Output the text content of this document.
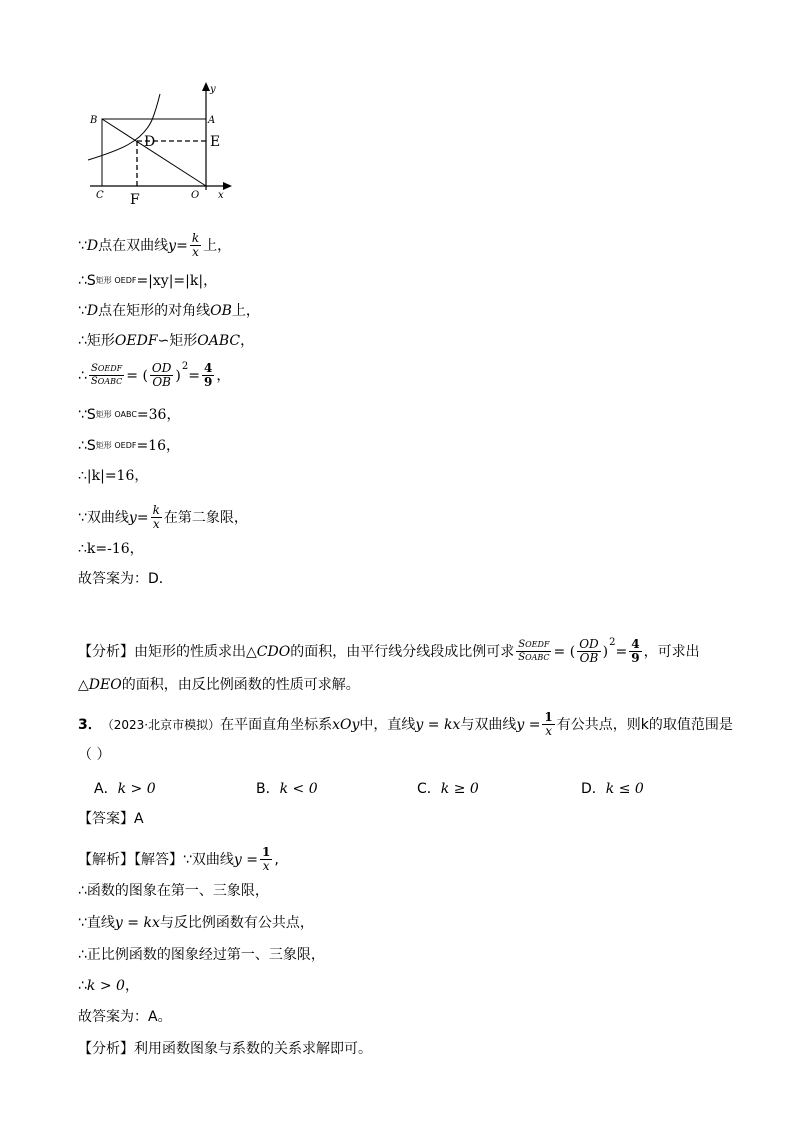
B	A
C	O
y
x
D	E
F
∵ D 点在双曲线 $y = \frac{k}{x}$ 上，
∴S 矩形 OEDF =|xy|=|k|，
∵ D 点在矩形的对角线 OB 上，
∴矩形 OEDF ∽矩形 OABC ，
∴ $\frac{\text{SOEDF}}{\text{SOABC}}$ = ( $\frac{OD}{OB}$ )
2
= $\frac{4}{9}$ ，
∵S 矩形 OABC =36，
∴S 矩形 OEDF =16，
∴|k|=16，
∵双曲线 $y = \frac{k}{x}$ 在第二象限，
∴k=-16，
故答案为：D．
【分析】由矩形的性质求出△ CDO 的面积，由平行线分线段成比例可求 $\frac{\text{SOEDF}}{\text{SOABC}}$ = ( $\frac{OD}{OB}$ )
2
= $\frac{4}{9}$ ，可求出
△ DEO 的面积，由反比例函数的性质可求解。
3． （2023·北京市模拟） 在平面直角坐标系 xOy 中，直线 y = kx 与双曲线 $y = \frac{1}{x}$ 有公共点，则k的取值范围是
（ ）
A．k > 0	B．k < 0	C．k ≥ 0	D．k ≤ 0
【答案】A
【解析】【解答】∵双曲线 $y = \frac{1}{x}$ ,
∴函数的图象在第一、三象限，
∵直线 y = kx 与反比例函数有公共点，
∴正比例函数的图象经过第一、三象限，
∴ k > 0 ，
故答案为：A。
【分析】利用函数图象与系数的关系求解即可。
